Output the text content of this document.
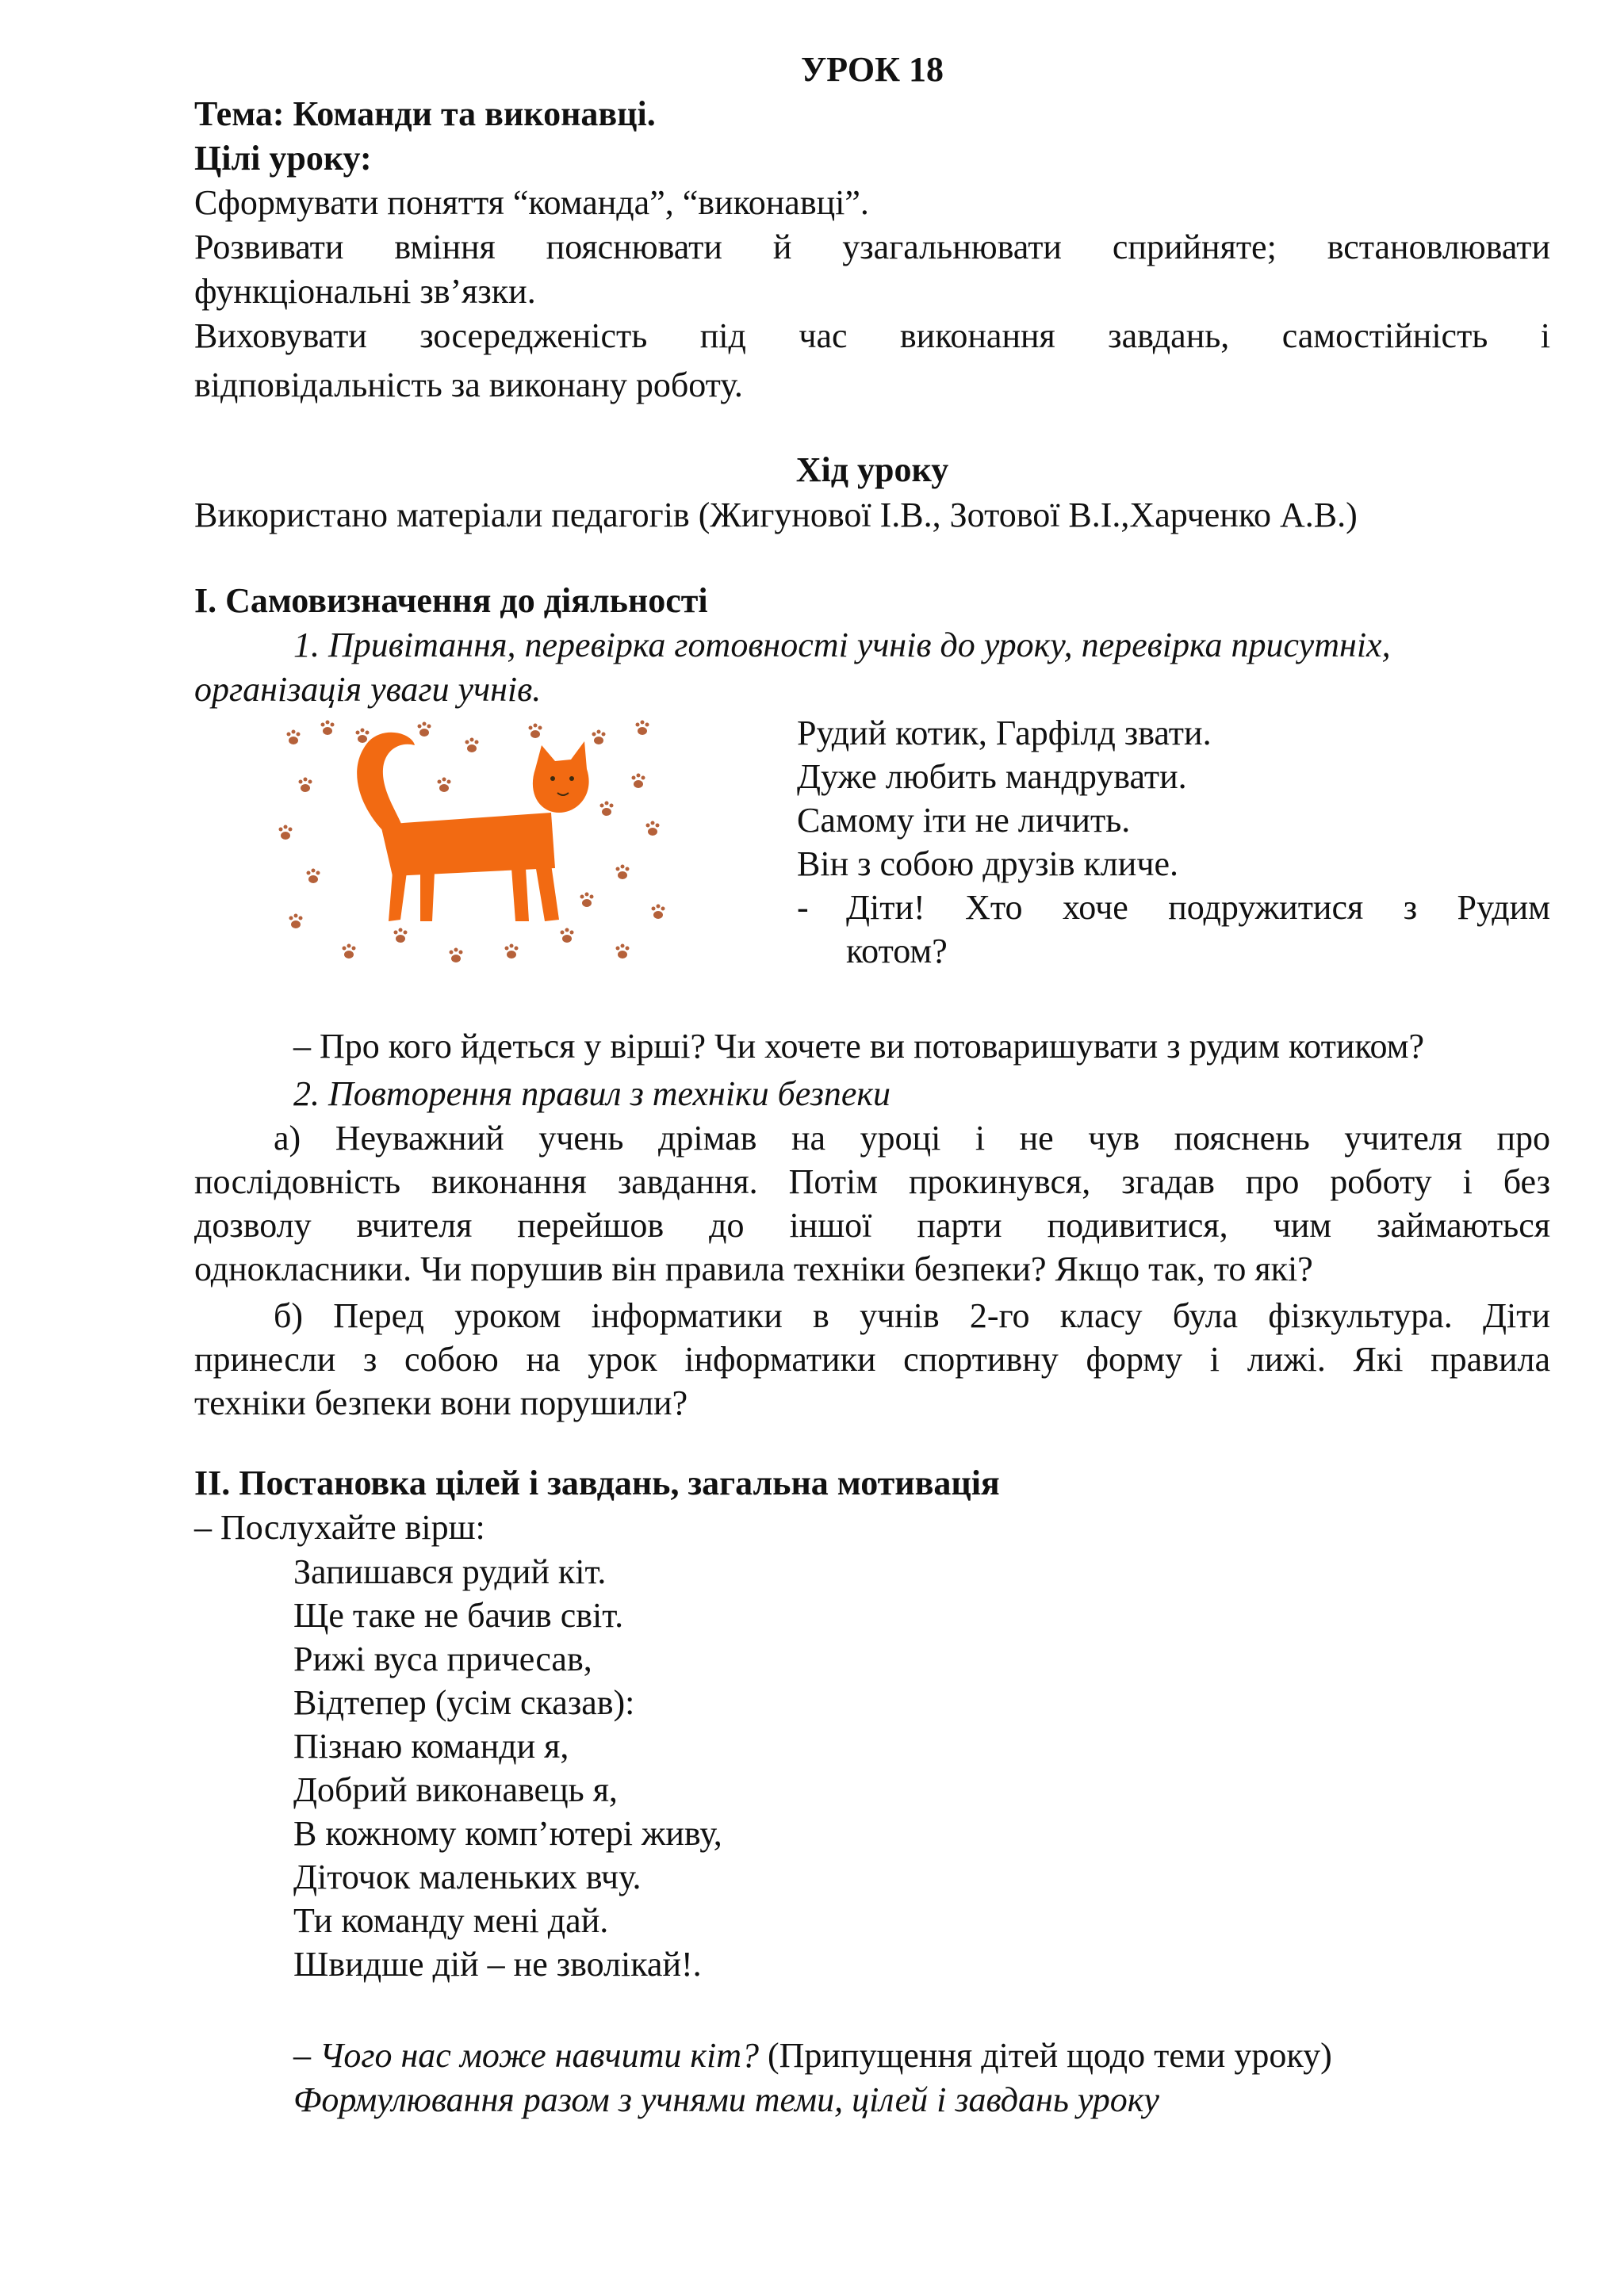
УРОК 18
Тема: Команди та виконавці.
Цілі уроку:
Сформувати поняття “команда”, “виконавці”.
Розвивати вміння пояснювати й узагальнювати сприйняте; встановлювати
функціональні зв’язки.
Виховувати зосередженість під час виконання завдань, самостійність і
відповідальність за виконану роботу.
Хід уроку
Використано матеріали педагогів (Жигунової І.В., Зотової В.І.,Харченко А.В.)
І. Самовизначення до діяльності
1. Привітання, перевірка готовності учнів до уроку, перевірка присутніх,
організація уваги учнів.
Рудий котик, Гарфілд звати.
Дуже любить мандрувати.
Самому іти не личить.
Він з собою друзів кличе.
- Діти! Хто хоче подружитися з Рудим
котом?
– Про кого йдеться у вірші? Чи хочете ви потоваришувати з рудим котиком?
2. Повторення правил з техніки безпеки
а) Неуважний учень дрімав на уроці і не чув пояснень учителя про
послідовність виконання завдання. Потім прокинувся, згадав про роботу і без
дозволу вчителя перейшов до іншої парти подивитися, чим займаються
однокласники. Чи порушив він правила техніки безпеки? Якщо так, то які?
б) Перед уроком інформатики в учнів 2-го класу була фізкультура. Діти
принесли з собою на урок інформатики спортивну форму і лижі. Які правила
техніки безпеки вони порушили?
ІІ. Постановка цілей і завдань, загальна мотивація
– Послухайте вірш:
Запишався рудий кіт.
Ще таке не бачив світ.
Рижі вуса причесав,
Відтепер (усім сказав):
Пізнаю команди я,
Добрий виконавець я,
В кожному комп’ютері живу,
Діточок маленьких вчу.
Ти команду мені дай.
Швидше дій – не зволікай!.
– Чого нас може навчити кіт? (Припущення дітей щодо теми уроку)
Формулювання разом з учнями теми, цілей і завдань уроку
